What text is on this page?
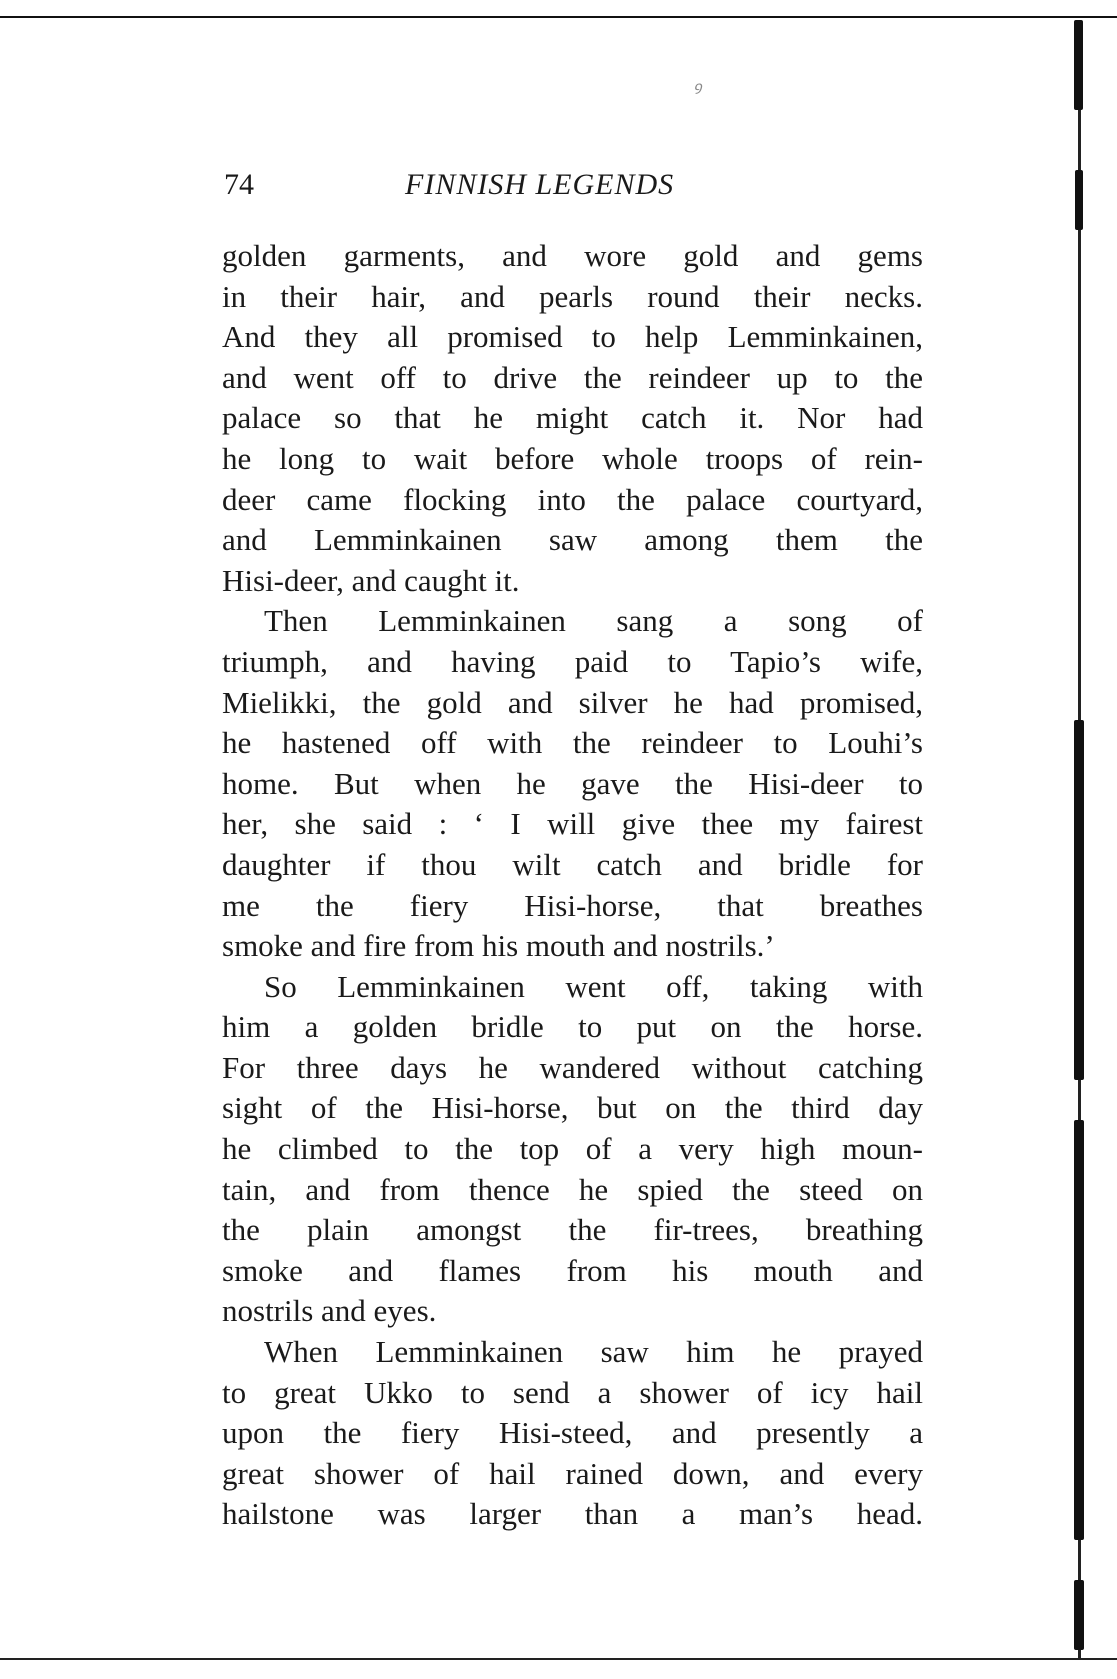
ꝰ
74	FINNISH LEGENDS
golden garments, and wore gold and gems
in their hair, and pearls round their necks.
And they all promised to help Lemminkainen,
and went off to drive the reindeer up to the
palace so that he might catch it. Nor had
he long to wait before whole troops of rein-
deer came flocking into the palace courtyard,
and Lemminkainen saw among them the
Hisi-deer, and caught it.
Then Lemminkainen sang a song of
triumph, and having paid to Tapio’s wife,
Mielikki, the gold and silver he had promised,
he hastened off with the reindeer to Louhi’s
home. But when he gave the Hisi-deer to
her, she said : ‘ I will give thee my fairest
daughter if thou wilt catch and bridle for
me the fiery Hisi-horse, that breathes
smoke and fire from his mouth and nostrils.’
So Lemminkainen went off, taking with
him a golden bridle to put on the horse.
For three days he wandered without catching
sight of the Hisi-horse, but on the third day
he climbed to the top of a very high moun-
tain, and from thence he spied the steed on
the plain amongst the fir-trees, breathing
smoke and flames from his mouth and
nostrils and eyes.
When Lemminkainen saw him he prayed
to great Ukko to send a shower of icy hail
upon the fiery Hisi-steed, and presently a
great shower of hail rained down, and every
hailstone was larger than a man’s head.
